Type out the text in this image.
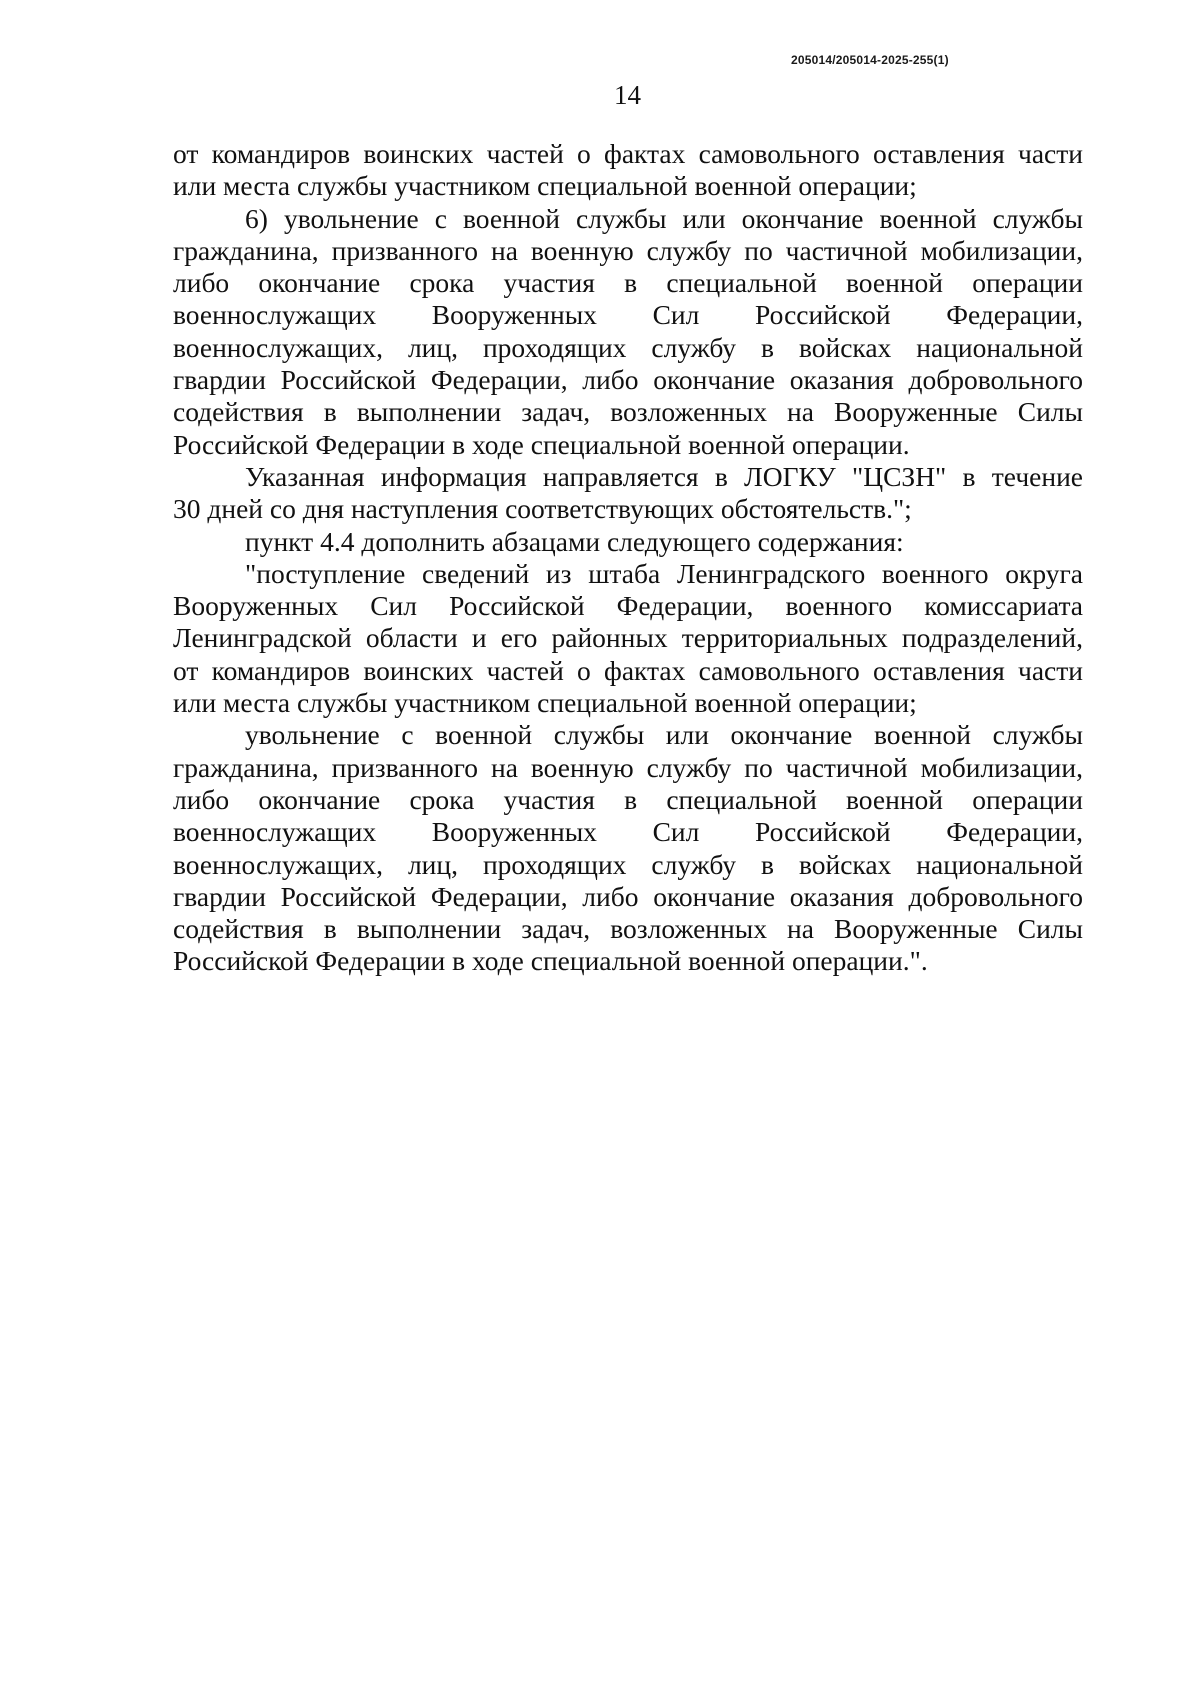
205014/205014-2025-255(1)
14
от командиров воинских частей о фактах самовольного оставления части
или места службы участником специальной военной операции;
6) увольнение с военной службы или окончание военной службы
гражданина, призванного на военную службу по частичной мобилизации,
либо окончание срока участия в специальной военной операции
военнослужащих Вооруженных Сил Российской Федерации,
военнослужащих, лиц, проходящих службу в войсках национальной
гвардии Российской Федерации, либо окончание оказания добровольного
содействия в выполнении задач, возложенных на Вооруженные Силы
Российской Федерации в ходе специальной военной операции.
Указанная информация направляется в ЛОГКУ "ЦСЗН" в течение
30 дней со дня наступления соответствующих обстоятельств.";
пункт 4.4 дополнить абзацами следующего содержания:
"поступление сведений из штаба Ленинградского военного округа
Вооруженных Сил Российской Федерации, военного комиссариата
Ленинградской области и его районных территориальных подразделений,
от командиров воинских частей о фактах самовольного оставления части
или места службы участником специальной военной операции;
увольнение с военной службы или окончание военной службы
гражданина, призванного на военную службу по частичной мобилизации,
либо окончание срока участия в специальной военной операции
военнослужащих Вооруженных Сил Российской Федерации,
военнослужащих, лиц, проходящих службу в войсках национальной
гвардии Российской Федерации, либо окончание оказания добровольного
содействия в выполнении задач, возложенных на Вооруженные Силы
Российской Федерации в ходе специальной военной операции.".
